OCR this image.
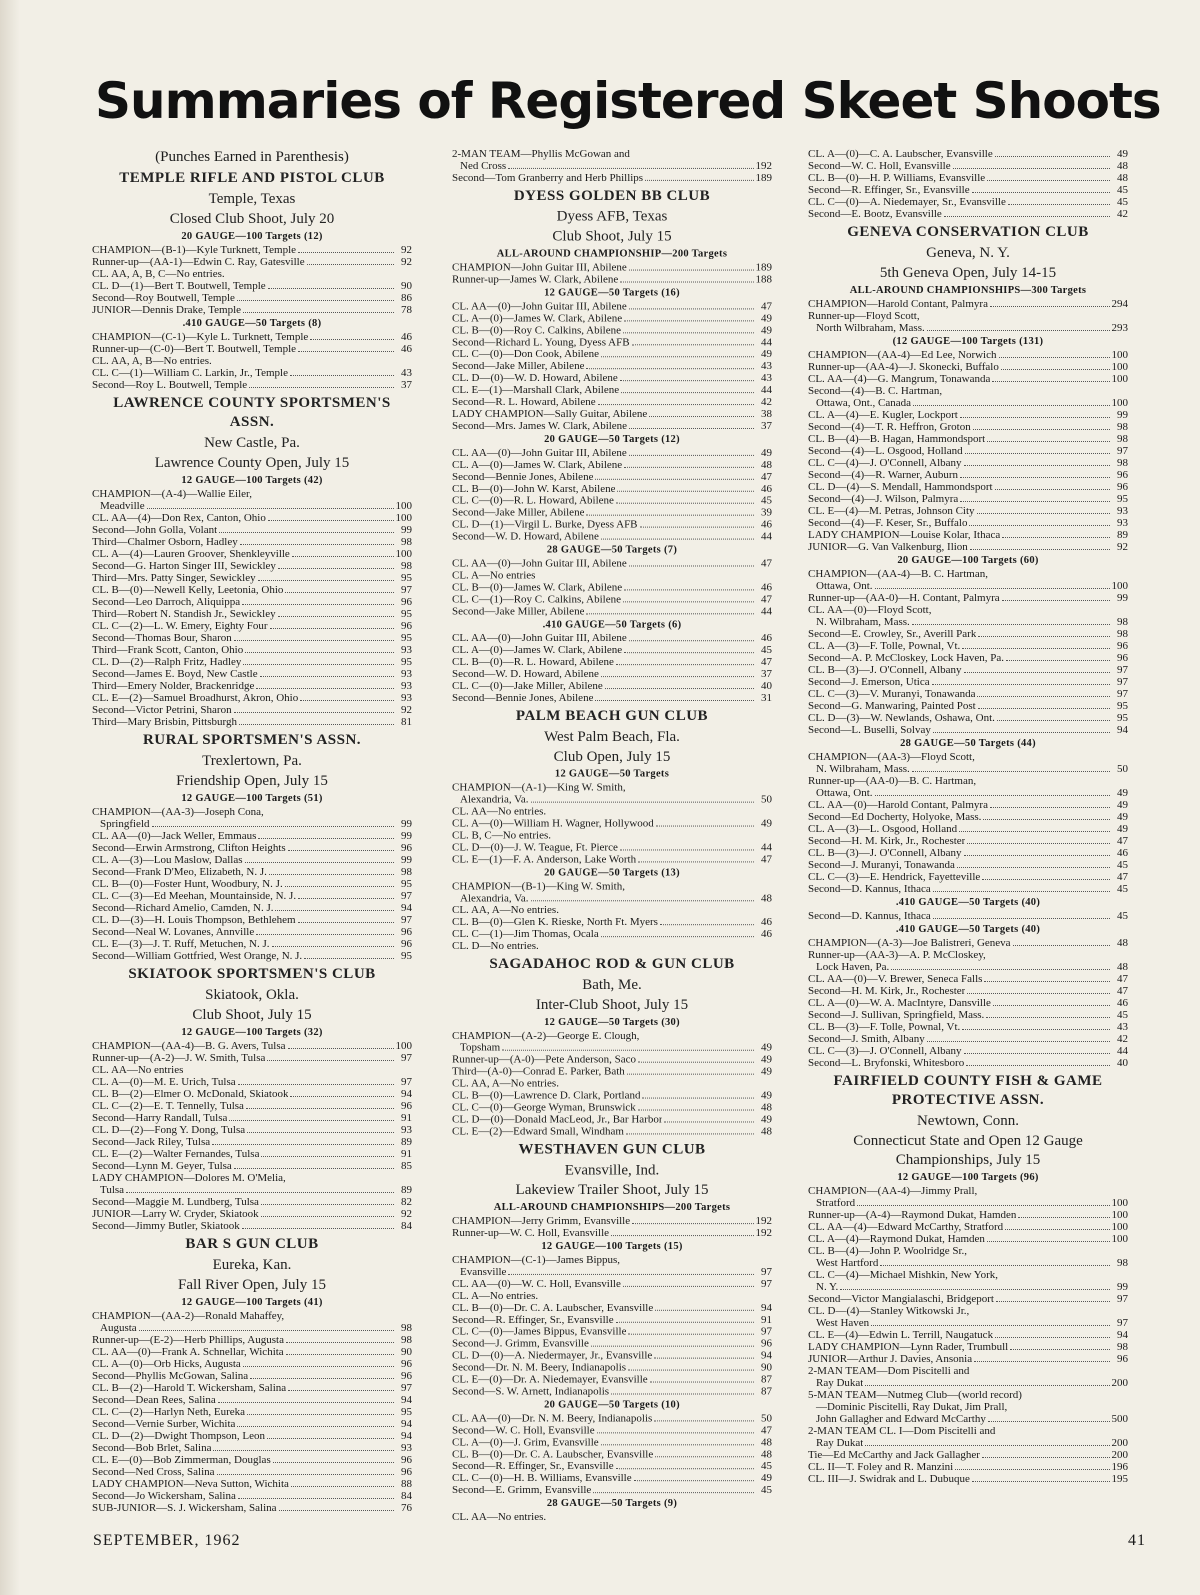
Summaries of Registered Skeet Shoots
(Punches Earned in Parenthesis)
TEMPLE RIFLE AND PISTOL CLUB
Temple, Texas
Closed Club Shoot, July 20
20 GAUGE—100 Targets (12)
CHAMPION—(B-1)—Kyle Turknett, Temple	92
Runner-up—(AA-1)—Edwin C. Ray, Gatesville	92
CL. AA, A, B, C—No entries.
CL. D—(1)—Bert T. Boutwell, Temple	90
Second—Roy Boutwell, Temple	86
JUNIOR—Dennis Drake, Temple	78
.410 GAUGE—50 Targets (8)
CHAMPION—(C-1)—Kyle L. Turknett, Temple	46
Runner-up—(C-0)—Bert T. Boutwell, Temple	46
CL. AA, A, B—No entries.
CL. C—(1)—William C. Larkin, Jr., Temple	43
Second—Roy L. Boutwell, Temple	37
LAWRENCE COUNTY SPORTSMEN'S ASSN.
New Castle, Pa.
Lawrence County Open, July 15
12 GAUGE—100 Targets (42)
CHAMPION—(A-4)—Wallie Eiler,
Meadville	100
CL. AA—(4)—Don Rex, Canton, Ohio	100
Second—John Golla, Volant	99
Third—Chalmer Osborn, Hadley	98
CL. A—(4)—Lauren Groover, Shenkleyville	100
Second—G. Harton Singer III, Sewickley	98
Third—Mrs. Patty Singer, Sewickley	95
CL. B—(0)—Newell Kelly, Leetonia, Ohio	97
Second—Leo Darroch, Aliquippa	96
Third—Robert N. Standish Jr., Sewickley	95
CL. C—(2)—L. W. Emery, Eighty Four	96
Second—Thomas Bour, Sharon	95
Third—Frank Scott, Canton, Ohio	93
CL. D—(2)—Ralph Fritz, Hadley	95
Second—James E. Boyd, New Castle	93
Third—Emery Nolder, Brackenridge	93
CL. E—(2)—Samuel Broadhurst, Akron, Ohio	93
Second—Victor Petrini, Sharon	92
Third—Mary Brisbin, Pittsburgh	81
RURAL SPORTSMEN'S ASSN.
Trexlertown, Pa.
Friendship Open, July 15
12 GAUGE—100 Targets (51)
CHAMPION—(AA-3)—Joseph Cona,
Springfield	99
CL. AA—(0)—Jack Weller, Emmaus	99
Second—Erwin Armstrong, Clifton Heights	96
CL. A—(3)—Lou Maslow, Dallas	99
Second—Frank D'Meo, Elizabeth, N. J.	98
CL. B—(0)—Foster Hunt, Woodbury, N. J.	95
CL. C—(3)—Ed Meehan, Mountainside, N. J.	97
Second—Richard Amelio, Camden, N. J.	94
CL. D—(3)—H. Louis Thompson, Bethlehem	97
Second—Neal W. Lovanes, Annville	96
CL. E—(3)—J. T. Ruff, Metuchen, N. J.	96
Second—William Gottfried, West Orange, N. J.	95
SKIATOOK SPORTSMEN'S CLUB
Skiatook, Okla.
Club Shoot, July 15
12 GAUGE—100 Targets (32)
CHAMPION—(AA-4)—B. G. Avers, Tulsa	100
Runner-up—(A-2)—J. W. Smith, Tulsa	97
CL. AA—No entries
CL. A—(0)—M. E. Urich, Tulsa	97
CL. B—(2)—Elmer O. McDonald, Skiatook	94
CL. C—(2)—E. T. Tennelly, Tulsa	96
Second—Harry Randall, Tulsa	91
CL. D—(2)—Fong Y. Dong, Tulsa	93
Second—Jack Riley, Tulsa	89
CL. E—(2)—Walter Fernandes, Tulsa	91
Second—Lynn M. Geyer, Tulsa	85
LADY CHAMPION—Dolores M. O'Melia,
Tulsa	89
Second—Maggie M. Lundberg, Tulsa	82
JUNIOR—Larry W. Cryder, Skiatook	92
Second—Jimmy Butler, Skiatook	84
BAR S GUN CLUB
Eureka, Kan.
Fall River Open, July 15
12 GAUGE—100 Targets (41)
CHAMPION—(AA-2)—Ronald Mahaffey,
Augusta	98
Runner-up—(E-2)—Herb Phillips, Augusta	98
CL. AA—(0)—Frank A. Schnellar, Wichita	90
CL. A—(0)—Orb Hicks, Augusta	96
Second—Phyllis McGowan, Salina	96
CL. B—(2)—Harold T. Wickersham, Salina	97
Second—Dean Rees, Salina	94
CL. C—(2)—Harlyn Neth, Eureka	95
Second—Vernie Surber, Wichita	94
CL. D—(2)—Dwight Thompson, Leon	94
Second—Bob Brlet, Salina	93
CL. E—(0)—Bob Zimmerman, Douglas	96
Second—Ned Cross, Salina	96
LADY CHAMPION—Neva Sutton, Wichita	88
Second—Jo Wickersham, Salina	84
SUB-JUNIOR—S. J. Wickersham, Salina	76
2-MAN TEAM—Phyllis McGowan and
Ned Cross	192
Second—Tom Granberry and Herb Phillips	189
DYESS GOLDEN BB CLUB
Dyess AFB, Texas
Club Shoot, July 15
ALL-AROUND CHAMPIONSHIP—200 Targets
CHAMPION—John Guitar III, Abilene	189
Runner-up—James W. Clark, Abilene	188
12 GAUGE—50 Targets (16)
CL. AA—(0)—John Guitar III, Abilene	47
CL. A—(0)—James W. Clark, Abilene	49
CL. B—(0)—Roy C. Calkins, Abilene	49
Second—Richard L. Young, Dyess AFB	44
CL. C—(0)—Don Cook, Abilene	49
Second—Jake Miller, Abilene	43
CL. D—(0)—W. D. Howard, Abilene	43
CL. E—(1)—Marshall Clark, Abilene	44
Second—R. L. Howard, Abilene	42
LADY CHAMPION—Sally Guitar, Abilene	38
Second—Mrs. James W. Clark, Abilene	37
20 GAUGE—50 Targets (12)
CL. AA—(0)—John Guitar III, Abilene	49
CL. A—(0)—James W. Clark, Abilene	48
Second—Bennie Jones, Abilene	47
CL. B—(0)—John W. Karst, Abilene	46
CL. C—(0)—R. L. Howard, Abilene	45
Second—Jake Miller, Abilene	39
CL. D—(1)—Virgil L. Burke, Dyess AFB	46
Second—W. D. Howard, Abilene	44
28 GAUGE—50 Targets (7)
CL. AA—(0)—John Guitar III, Abilene	47
CL. A—No entries
CL. B—(0)—James W. Clark, Abilene	46
CL. C—(1)—Roy C. Calkins, Abilene	47
Second—Jake Miller, Abilene	44
.410 GAUGE—50 Targets (6)
CL. AA—(0)—John Guitar III, Abilene	46
CL. A—(0)—James W. Clark, Abilene	45
CL. B—(0)—R. L. Howard, Abilene	47
Second—W. D. Howard, Abilene	37
CL. C—(0)—Jake Miller, Abilene	40
Second—Bennie Jones, Abilene	31
PALM BEACH GUN CLUB
West Palm Beach, Fla.
Club Open, July 15
12 GAUGE—50 Targets
CHAMPION—(A-1)—King W. Smith,
Alexandria, Va.	50
CL. AA—No entries.
CL. A—(0)—William H. Wagner, Hollywood	49
CL. B, C—No entries.
CL. D—(0)—J. W. Teague, Ft. Pierce	44
CL. E—(1)—F. A. Anderson, Lake Worth	47
20 GAUGE—50 Targets (13)
CHAMPION—(B-1)—King W. Smith,
Alexandria, Va.	48
CL. AA, A—No entries.
CL. B—(0)—Glen K. Rieske, North Ft. Myers	46
CL. C—(1)—Jim Thomas, Ocala	46
CL. D—No entries.
SAGADAHOC ROD & GUN CLUB
Bath, Me.
Inter-Club Shoot, July 15
12 GAUGE—50 Targets (30)
CHAMPION—(A-2)—George E. Clough,
Topsham	49
Runner-up—(A-0)—Pete Anderson, Saco	49
Third—(A-0)—Conrad E. Parker, Bath	49
CL. AA, A—No entries.
CL. B—(0)—Lawrence D. Clark, Portland	49
CL. C—(0)—George Wyman, Brunswick	48
CL. D—(0)—Donald MacLeod, Jr., Bar Harbor	49
CL. E—(2)—Edward Small, Windham	48
WESTHAVEN GUN CLUB
Evansville, Ind.
Lakeview Trailer Shoot, July 15
ALL-AROUND CHAMPIONSHIPS—200 Targets
CHAMPION—Jerry Grimm, Evansville	192
Runner-up—W. C. Holl, Evansville	192
12 GAUGE—100 Targets (15)
CHAMPION—(C-1)—James Bippus,
Evansville	97
CL. AA—(0)—W. C. Holl, Evansville	97
CL. A—No entries.
CL. B—(0)—Dr. C. A. Laubscher, Evansville	94
Second—R. Effinger, Sr., Evansville	91
CL. C—(0)—James Bippus, Evansville	97
Second—J. Grimm, Evansville	96
CL. D—(0)—A. Niedermayer, Jr., Evansville	94
Second—Dr. N. M. Beery, Indianapolis	90
CL. E—(0)—Dr. A. Niedemayer, Evansville	87
Second—S. W. Arnett, Indianapolis	87
20 GAUGE—50 Targets (10)
CL. AA—(0)—Dr. N. M. Beery, Indianapolis	50
Second—W. C. Holl, Evansville	47
CL. A—(0)—J. Grim, Evansville	48
CL. B—(0)—Dr. C. A. Laubscher, Evansville	48
Second—R. Effinger, Sr., Evansville	45
CL. C—(0)—H. B. Williams, Evansville	49
Second—E. Grimm, Evansville	45
28 GAUGE—50 Targets (9)
CL. AA—No entries.
CL. A—(0)—C. A. Laubscher, Evansville	49
Second—W. C. Holl, Evansville	48
CL. B—(0)—H. P. Williams, Evansville	48
Second—R. Effinger, Sr., Evansville	45
CL. C—(0)—A. Niedemayer, Sr., Evansville	45
Second—E. Bootz, Evansville	42
GENEVA CONSERVATION CLUB
Geneva, N. Y.
5th Geneva Open, July 14-15
ALL-AROUND CHAMPIONSHIPS—300 Targets
CHAMPION—Harold Contant, Palmyra	294
Runner-up—Floyd Scott,
North Wilbraham, Mass.	293
(12 GAUGE—100 Targets (131)
CHAMPION—(AA-4)—Ed Lee, Norwich	100
Runner-up—(AA-4)—J. Skonecki, Buffalo	100
CL. AA—(4)—G. Mangrum, Tonawanda	100
Second—(4)—B. C. Hartman,
Ottawa, Ont., Canada	100
CL. A—(4)—E. Kugler, Lockport	99
Second—(4)—T. R. Heffron, Groton	98
CL. B—(4)—B. Hagan, Hammondsport	98
Second—(4)—L. Osgood, Holland	97
CL. C—(4)—J. O'Connell, Albany	98
Second—(4)—R. Warner, Auburn	96
CL. D—(4)—S. Mendall, Hammondsport	96
Second—(4)—J. Wilson, Palmyra	95
CL. E—(4)—M. Petras, Johnson City	93
Second—(4)—F. Keser, Sr., Buffalo	93
LADY CHAMPION—Louise Kolar, Ithaca	89
JUNIOR—G. Van Valkenburg, Ilion	92
20 GAUGE—100 Targets (60)
CHAMPION—(AA-4)—B. C. Hartman,
Ottawa, Ont.	100
Runner-up—(AA-0)—H. Contant, Palmyra	99
CL. AA—(0)—Floyd Scott,
N. Wilbraham, Mass.	98
Second—E. Crowley, Sr., Averill Park	98
CL. A—(3)—F. Tolle, Pownal, Vt.	96
Second—A. P. McCloskey, Lock Haven, Pa.	96
CL. B—(3)—J. O'Connell, Albany	97
Second—J. Emerson, Utica	97
CL. C—(3)—V. Muranyi, Tonawanda	97
Second—G. Manwaring, Painted Post	95
CL. D—(3)—W. Newlands, Oshawa, Ont.	95
Second—L. Buselli, Solvay	94
28 GAUGE—50 Targets (44)
CHAMPION—(AA-3)—Floyd Scott,
N. Wilbraham, Mass.	50
Runner-up—(AA-0)—B. C. Hartman,
Ottawa, Ont.	49
CL. AA—(0)—Harold Contant, Palmyra	49
Second—Ed Docherty, Holyoke, Mass.	49
CL. A—(3)—L. Osgood, Holland	49
Second—H. M. Kirk, Jr., Rochester	47
CL. B—(3)—J. O'Connell, Albany	46
Second—J. Muranyi, Tonawanda	45
CL. C—(3)—E. Hendrick, Fayetteville	47
Second—D. Kannus, Ithaca	45
.410 GAUGE—50 Targets (40)
Second—D. Kannus, Ithaca	45
.410 GAUGE—50 Targets (40)
CHAMPION—(A-3)—Joe Balistreri, Geneva	48
Runner-up—(AA-3)—A. P. McCloskey,
Lock Haven, Pa.	48
CL. AA—(0)—V. Brewer, Seneca Falls	47
Second—H. M. Kirk, Jr., Rochester	47
CL. A—(0)—W. A. MacIntyre, Dansville	46
Second—J. Sullivan, Springfield, Mass.	45
CL. B—(3)—F. Tolle, Pownal, Vt.	43
Second—J. Smith, Albany	42
CL. C—(3)—J. O'Connell, Albany	44
Second—L. Bryfonski, Whitesboro	40
FAIRFIELD COUNTY FISH & GAME PROTECTIVE ASSN.
Newtown, Conn.
Connecticut State and Open 12 Gauge Championships, July 15
12 GAUGE—100 Targets (96)
CHAMPION—(AA-4)—Jimmy Prall,
Stratford	100
Runner-up—(A-4)—Raymond Dukat, Hamden	100
CL. AA—(4)—Edward McCarthy, Stratford	100
CL. A—(4)—Raymond Dukat, Hamden	100
CL. B—(4)—John P. Woolridge Sr.,
West Hartford	98
CL. C—(4)—Michael Mishkin, New York,
N. Y.	99
Second—Victor Mangialaschi, Bridgeport	97
CL. D—(4)—Stanley Witkowski Jr.,
West Haven	97
CL. E—(4)—Edwin L. Terrill, Naugatuck	94
LADY CHAMPION—Lynn Rader, Trumbull	98
JUNIOR—Arthur J. Davies, Ansonia	96
2-MAN TEAM—Dom Piscitelli and
Ray Dukat	200
5-MAN TEAM—Nutmeg Club—(world record)
—Dominic Piscitelli, Ray Dukat, Jim Prall,
John Gallagher and Edward McCarthy	500
2-MAN TEAM CL. I—Dom Piscitelli and
Ray Dukat	200
Tie—Ed McCarthy and Jack Gallagher	200
CL. II—T. Foley and R. Manzini	196
CL. III—J. Swidrak and L. Dubuque	195
SEPTEMBER, 1962	41
